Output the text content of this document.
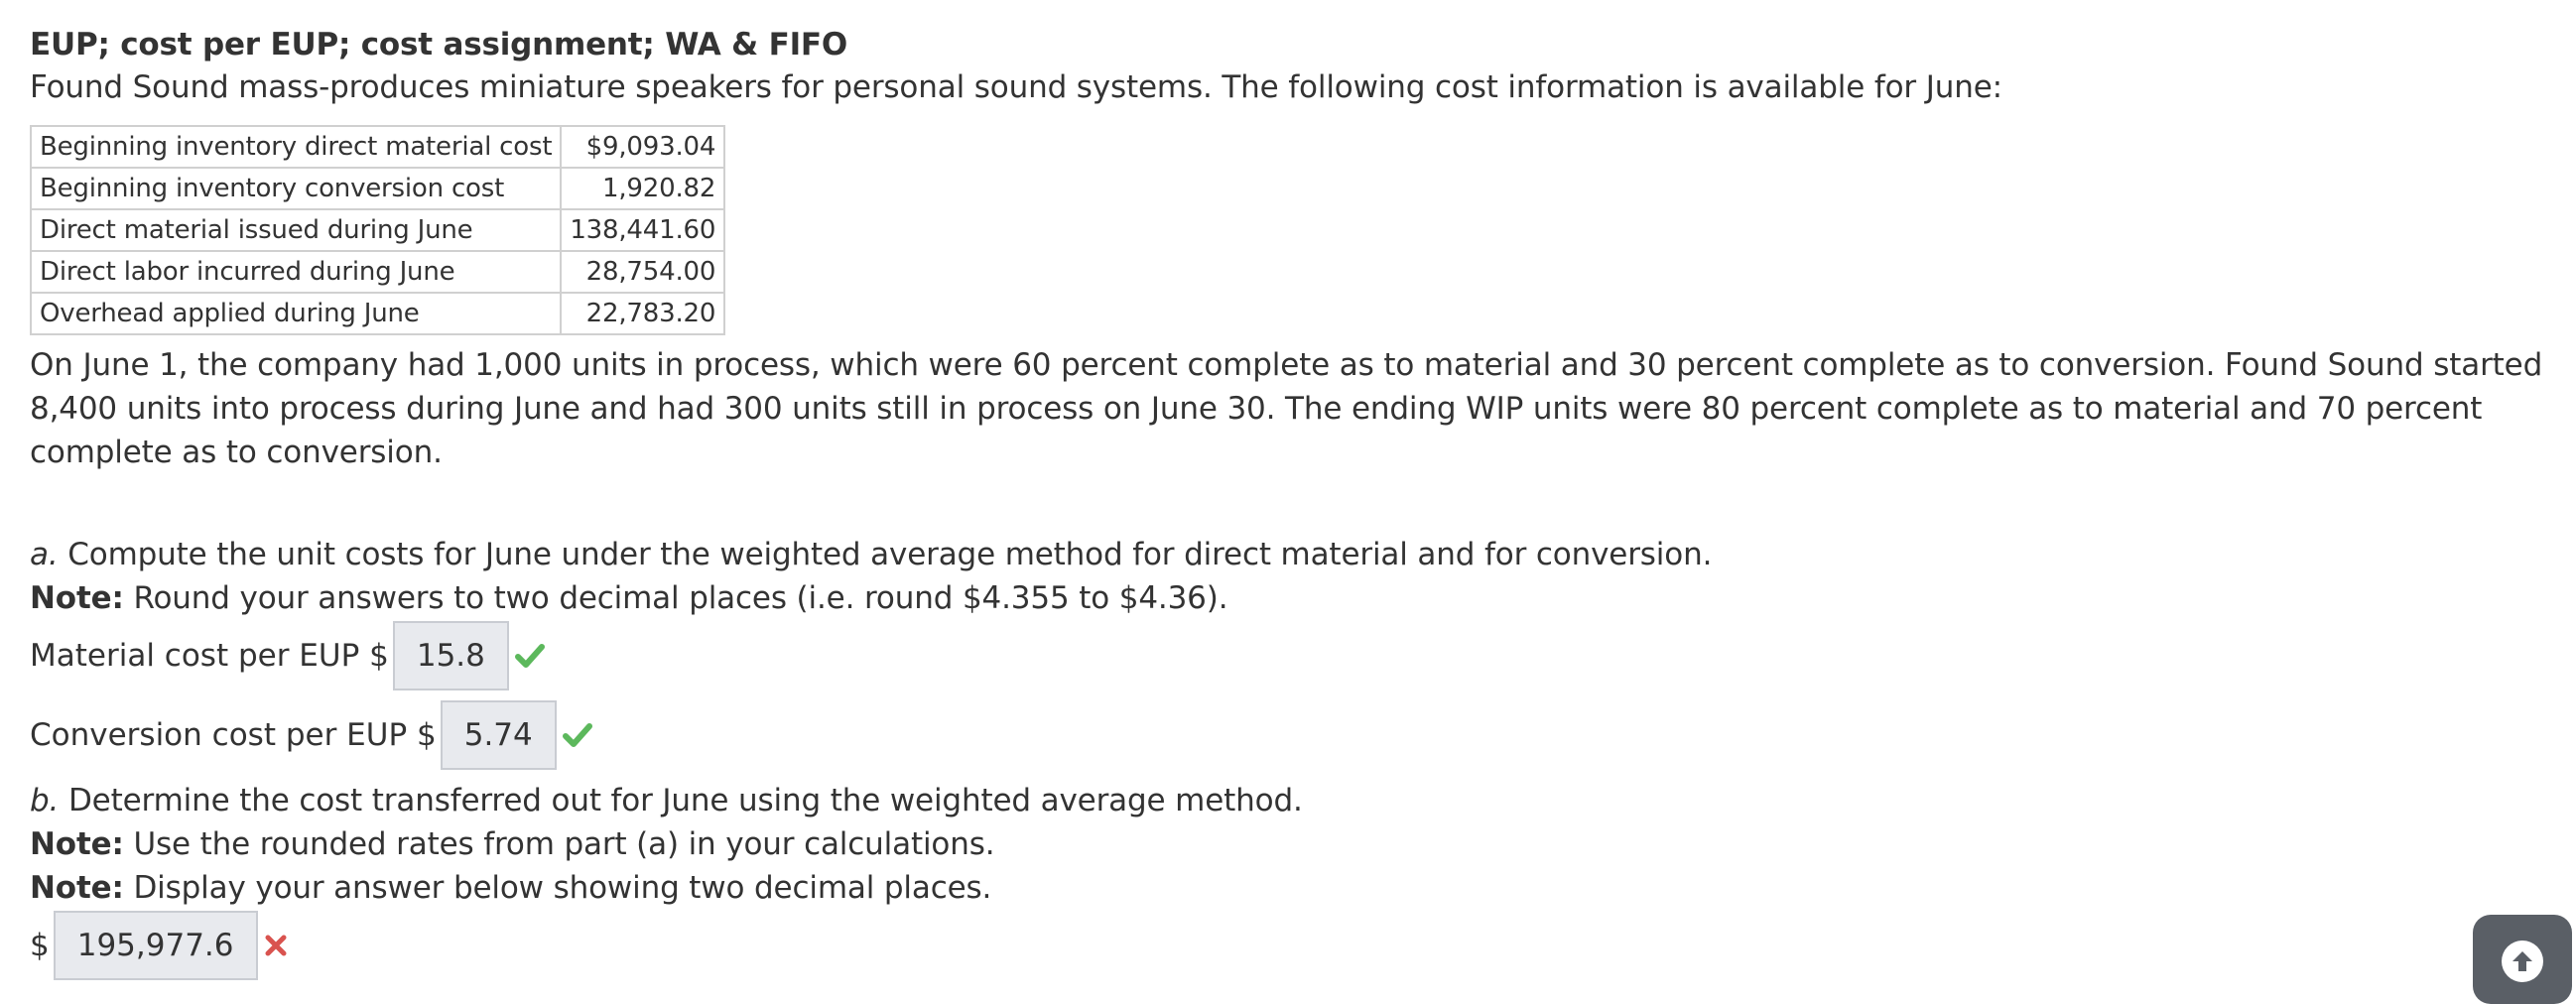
EUP; cost per EUP; cost assignment; WA & FIFO

Found Sound mass-produces miniature speakers for personal sound systems. The following cost information is available for June:

Beginning inventory direct material cost	$9,093.04
Beginning inventory conversion cost	1,920.82
Direct material issued during June	138,441.60
Direct labor incurred during June	28,754.00
Overhead applied during June	22,783.20

On June 1, the company had 1,000 units in process, which were 60 percent complete as to material and 30 percent complete as to conversion. Found Sound started 8,400 units into process during June and had 300 units still in process on June 30. The ending WIP units were 80 percent complete as to material and 70 percent complete as to conversion.

a. Compute the unit costs for June under the weighted average method for direct material and for conversion.

Note: Round your answers to two decimal places (i.e. round $4.355 to $4.36).

Material cost per EUP $ 15.8
Conversion cost per EUP $ 5.74

b. Determine the cost transferred out for June using the weighted average method.

Note: Use the rounded rates from part (a) in your calculations.

Note: Display your answer below showing two decimal places.

$ 195,977.6
